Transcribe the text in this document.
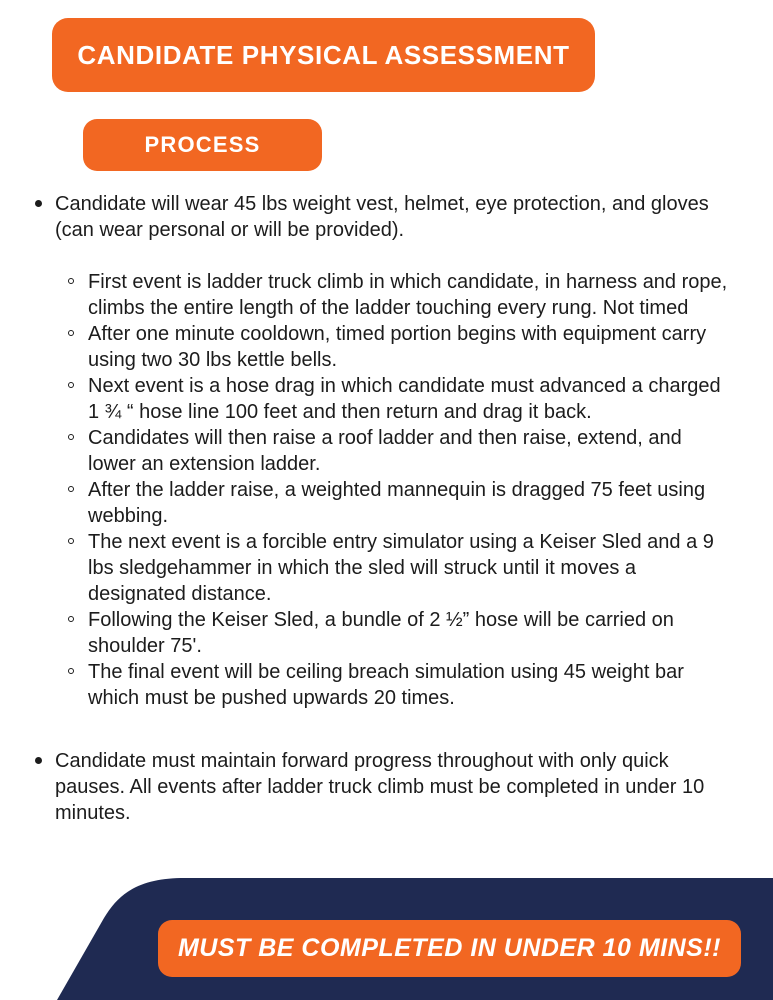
CANDIDATE PHYSICAL ASSESSMENT
PROCESS
Candidate will wear 45 lbs weight vest, helmet, eye protection, and gloves (can wear personal or will be provided).
First event is ladder truck climb in which candidate, in harness and rope, climbs the entire length of the ladder touching every rung. Not timed
After one minute cooldown, timed portion begins with equipment carry using two 30 lbs kettle bells.
Next event is a hose drag in which candidate must advanced a charged 1 ¾ “ hose line 100 feet and then return and drag it back.
Candidates will then raise a roof ladder and then raise, extend, and lower an extension ladder.
After the ladder raise, a weighted mannequin is dragged 75 feet using webbing.
The next event is a forcible entry simulator using a Keiser Sled and a 9 lbs sledgehammer in which the sled will struck until it moves a designated distance.
Following the Keiser Sled, a bundle of 2 ½” hose will be carried on shoulder 75'.
The final event will be ceiling breach simulation using 45 weight bar which must be pushed upwards 20 times.
Candidate must maintain forward progress throughout with only quick pauses. All events after ladder truck climb must be completed in under 10 minutes.
MUST BE COMPLETED IN UNDER 10 MINS!!
